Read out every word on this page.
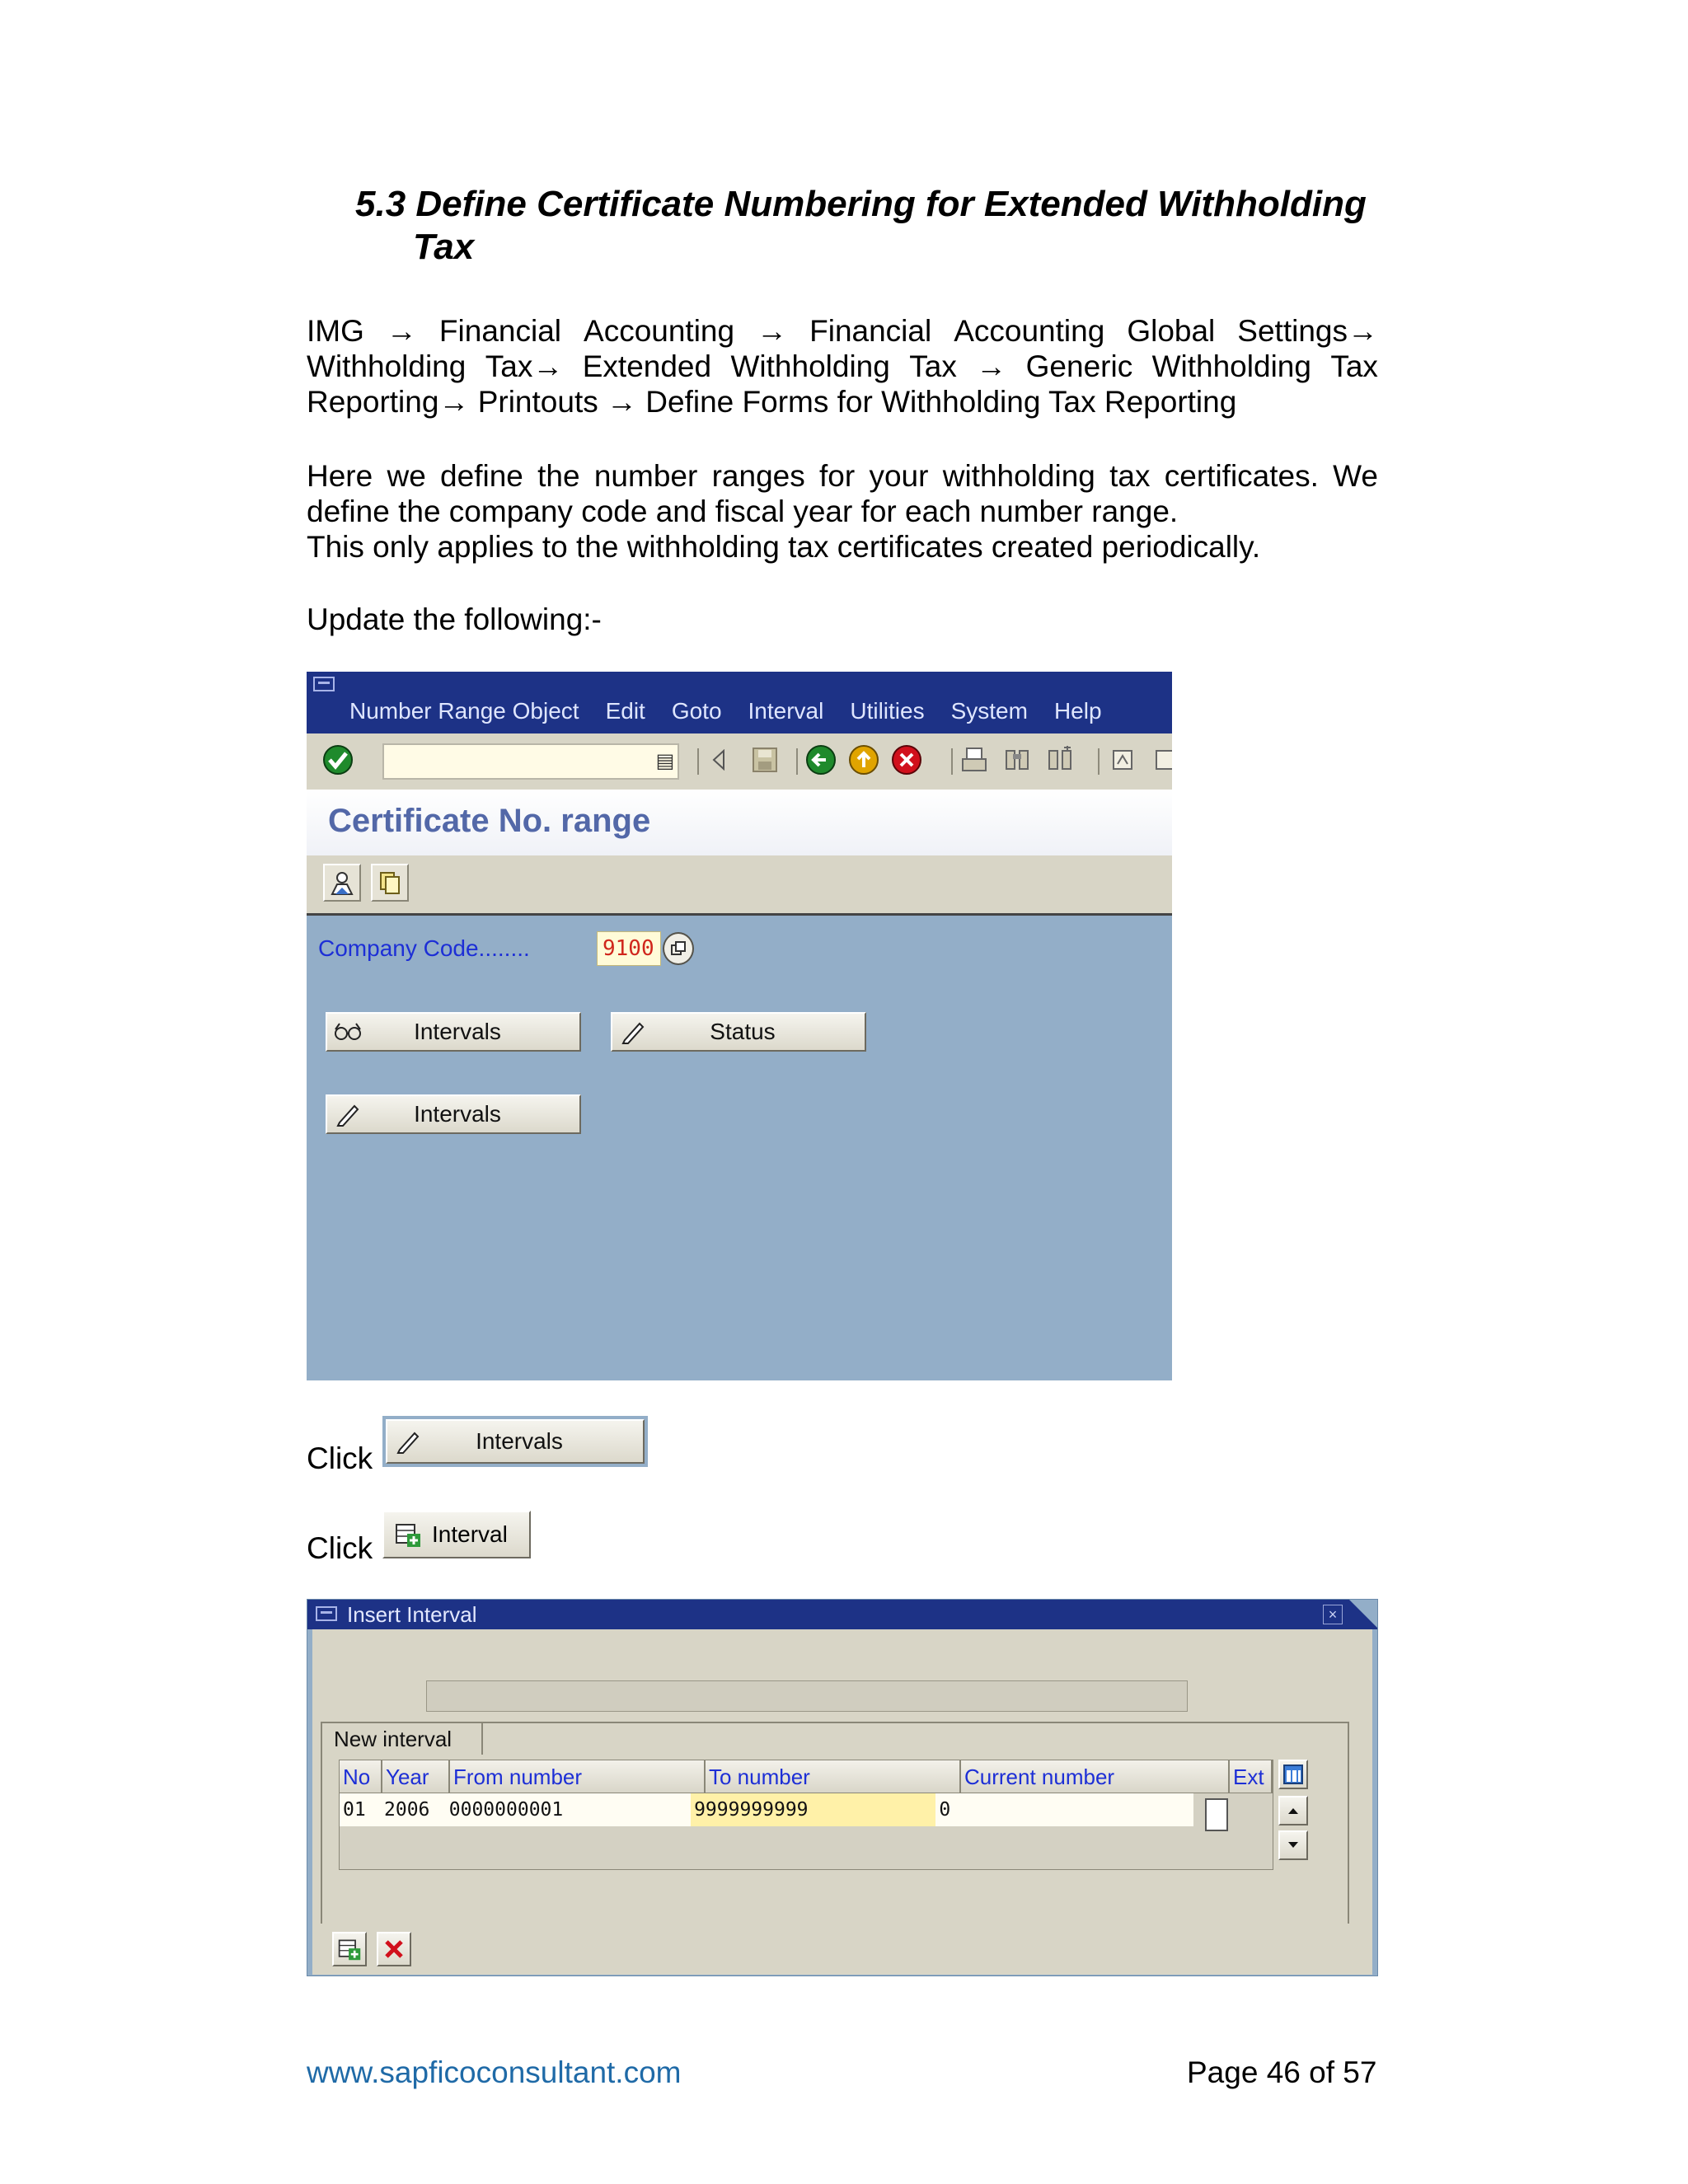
5.3 Define Certificate Numbering for Extended Withholding
Tax
IMG → Financial Accounting → Financial Accounting Global Settings→
Withholding Tax→ Extended Withholding Tax → Generic Withholding Tax
Reporting→ Printouts → Define Forms for Withholding Tax Reporting
Here we define the number ranges for your withholding tax certificates. We
define the company code and fiscal year for each number range.
This only applies to the withholding tax certificates created periodically.
Update the following:-
Number Range Object Edit Goto Interval Utilities System Help
▤
Certificate No. range
Company Code........	9100
Intervals	Status
Intervals
Click
Intervals
Click	Interval
Insert Interval	×
New interval
No Year	From number	To number	Current number	Ext
01 2006	0000000001	9999999999	0
www.sapficoconsultant.com	Page 46 of 57
